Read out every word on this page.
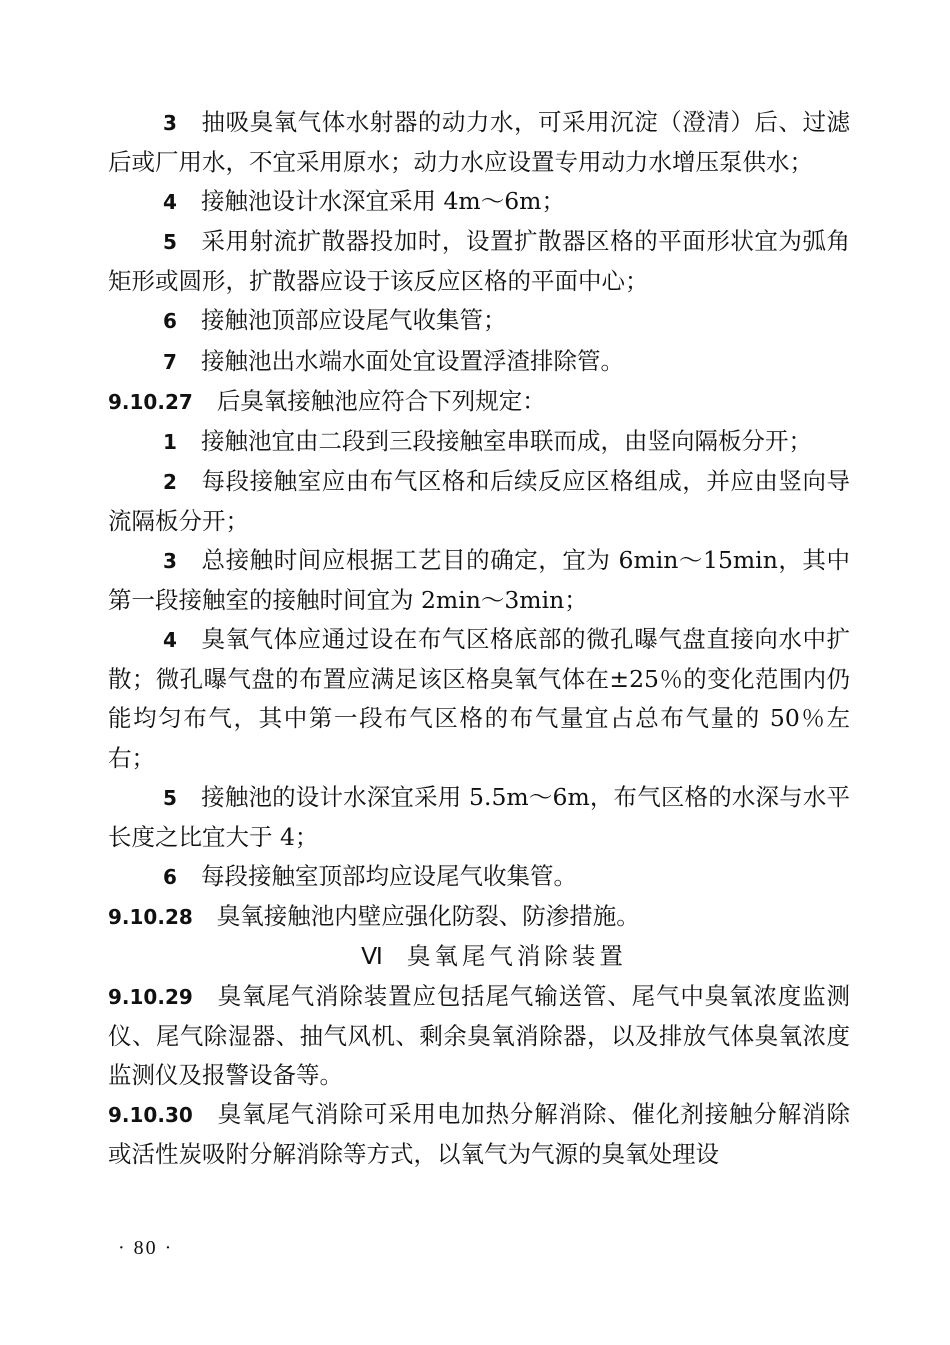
3 抽吸臭氧气体水射器的动力水，可采用沉淀（澄清）后、过滤后或厂用水，不宜采用原水；动力水应设置专用动力水增压泵供水；

4 接触池设计水深宜采用 4m～6m；

5 采用射流扩散器投加时，设置扩散器区格的平面形状宜为弧角矩形或圆形，扩散器应设于该反应区格的平面中心；

6 接触池顶部应设尾气收集管；

7 接触池出水端水面处宜设置浮渣排除管。

9.10.27 后臭氧接触池应符合下列规定：

1 接触池宜由二段到三段接触室串联而成，由竖向隔板分开；

2 每段接触室应由布气区格和后续反应区格组成，并应由竖向导流隔板分开；

3 总接触时间应根据工艺目的确定，宜为 6min～15min，其中第一段接触室的接触时间宜为 2min～3min；

4 臭氧气体应通过设在布气区格底部的微孔曝气盘直接向水中扩散；微孔曝气盘的布置应满足该区格臭氧气体在±25％的变化范围内仍能均匀布气，其中第一段布气区格的布气量宜占总布气量的 50％左右；

5 接触池的设计水深宜采用 5.5m～6m，布气区格的水深与水平长度之比宜大于 4；

6 每段接触室顶部均应设尾气收集管。

9.10.28 臭氧接触池内壁应强化防裂、防渗措施。

Ⅵ 臭氧尾气消除装置

9.10.29 臭氧尾气消除装置应包括尾气输送管、尾气中臭氧浓度监测仪、尾气除湿器、抽气风机、剩余臭氧消除器，以及排放气体臭氧浓度监测仪及报警设备等。

9.10.30 臭氧尾气消除可采用电加热分解消除、催化剂接触分解消除或活性炭吸附分解消除等方式，以氧气为气源的臭氧处理设

· 80 ·
